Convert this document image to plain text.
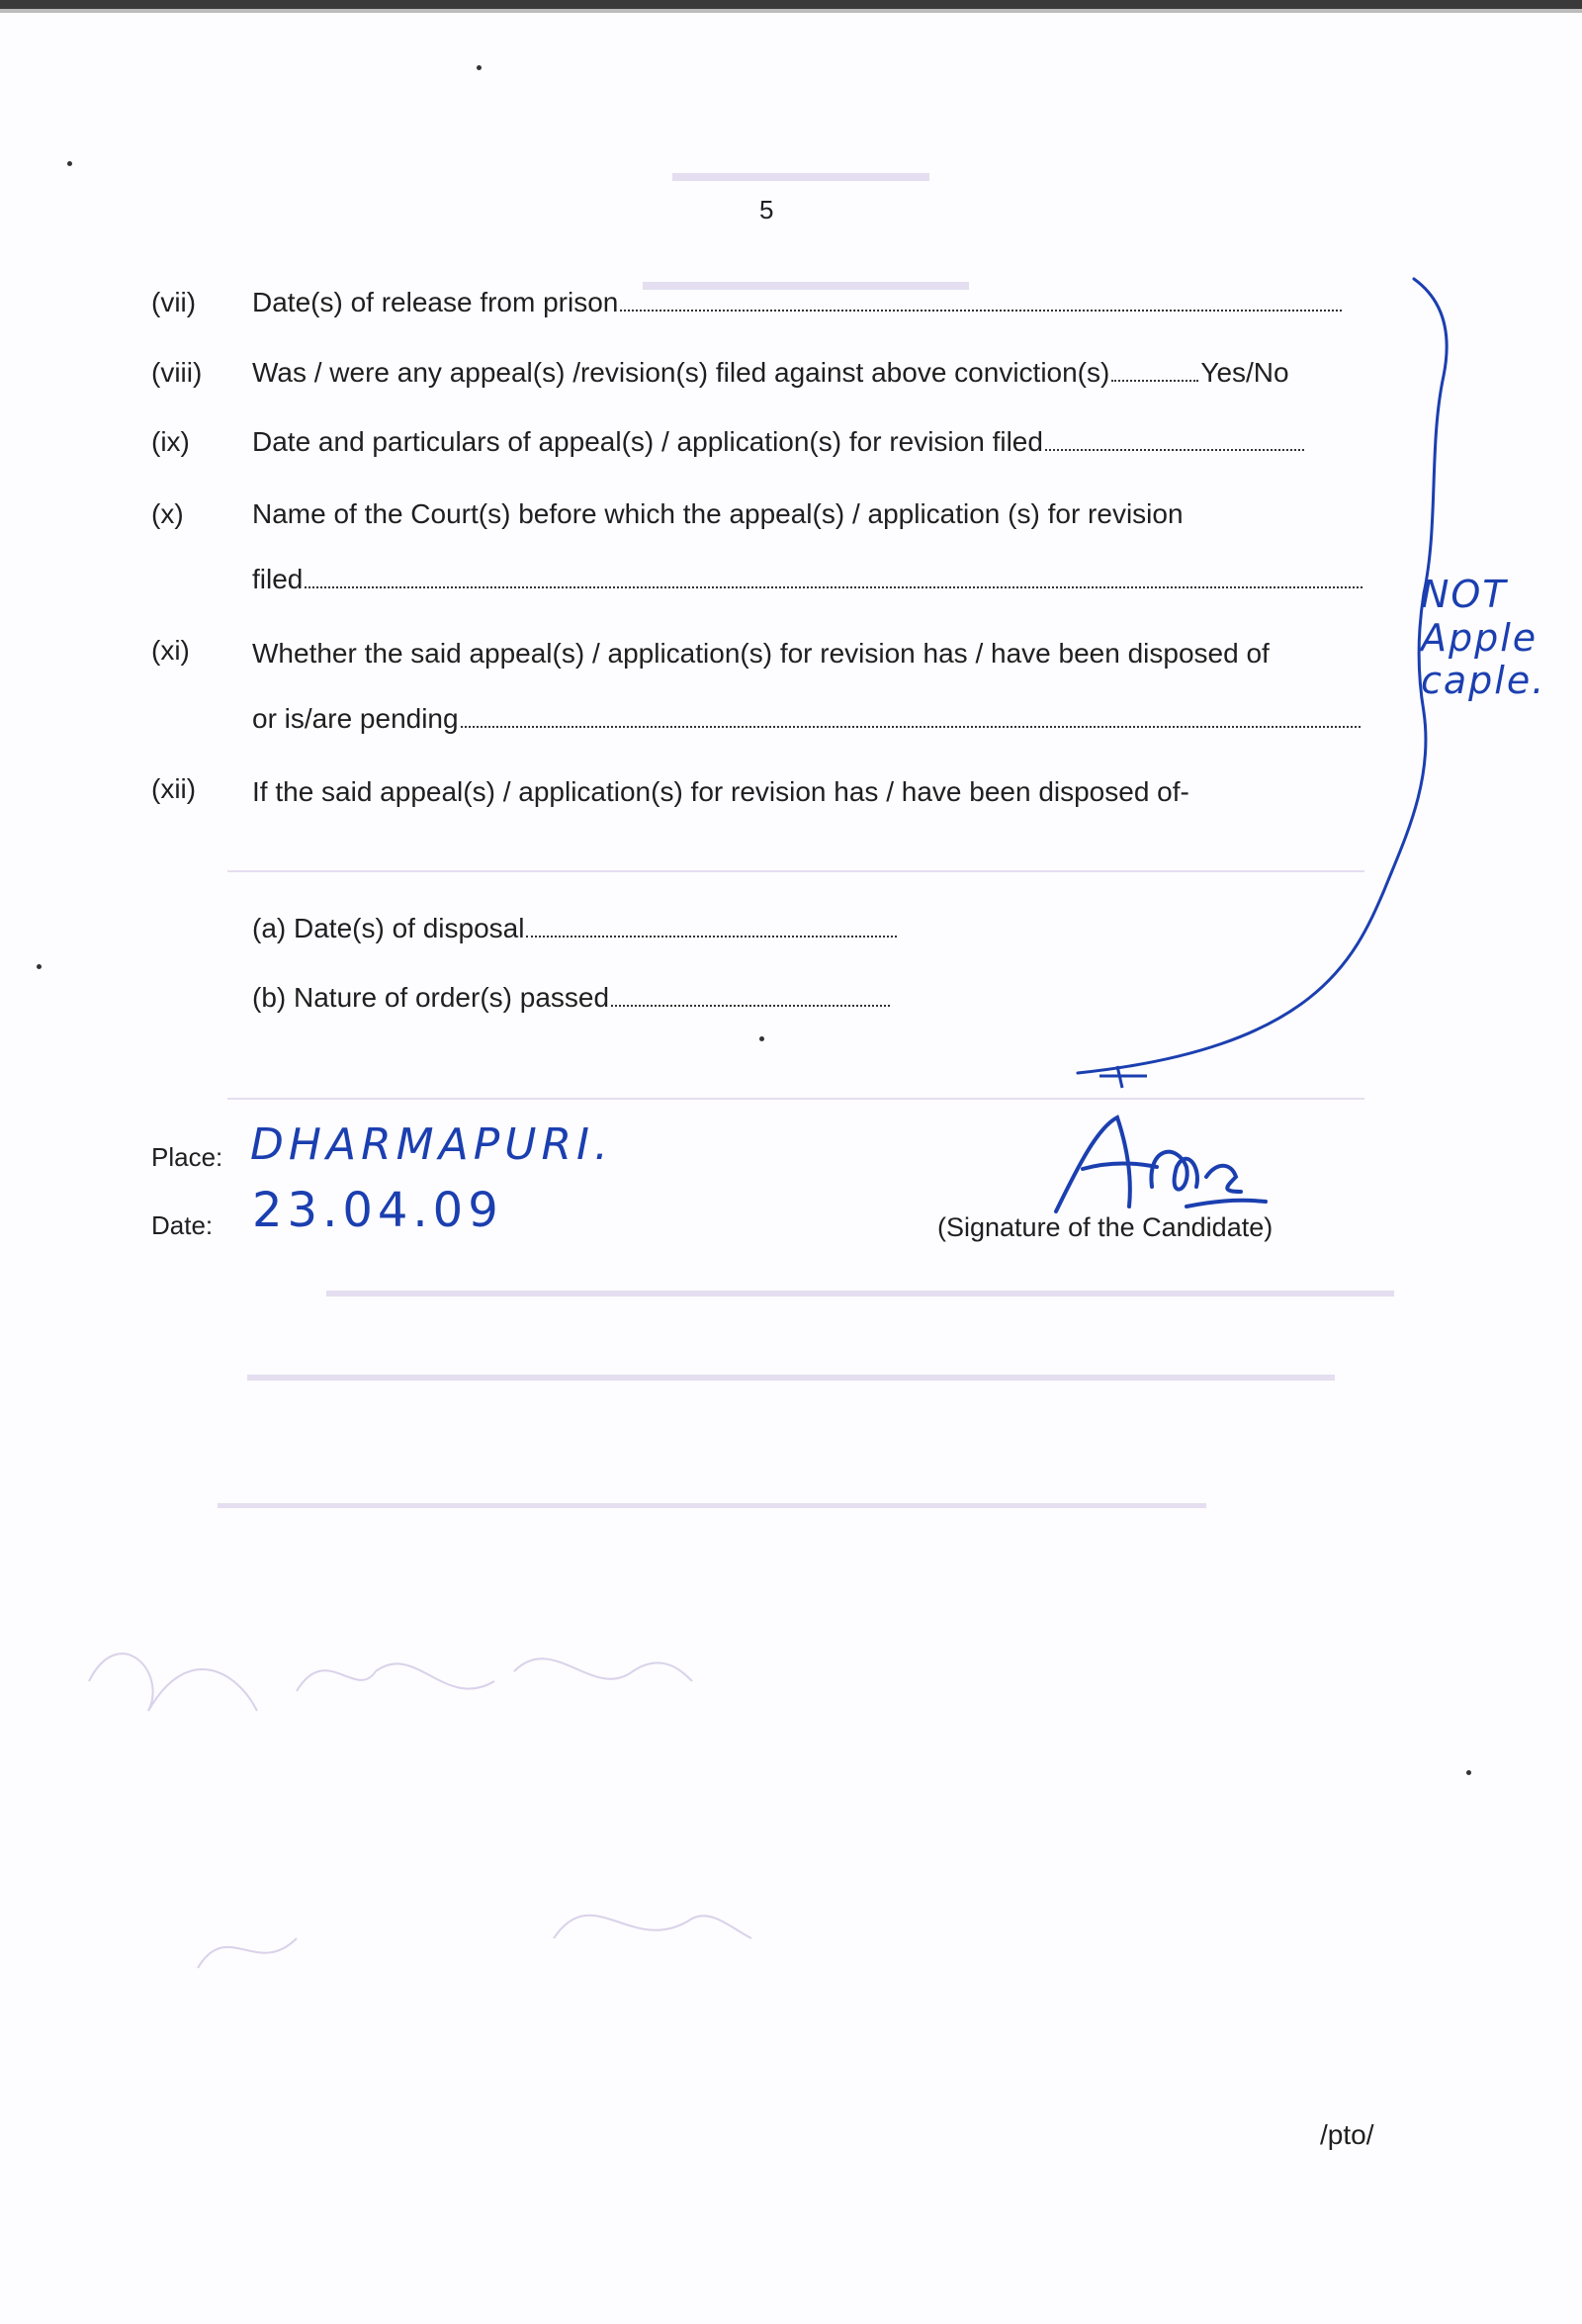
5
(vii) Date(s) of release from prison
(viii) Was / were any appeal(s) /revision(s) filed against above conviction(s)	Yes/No
(ix) Date and particulars of appeal(s) / application(s) for revision filed
(x) Name of the Court(s) before which the appeal(s) / application (s) for revision
filed
(xi) Whether the said appeal(s) / application(s) for revision has / have been disposed of
or is/are pending
(xii) If the said appeal(s) / application(s) for revision has / have been disposed of-
(a) Date(s) of disposal
(b) Nature of order(s) passed
Place: DHARMAPURI.
Date: 23.04.09	(Signature of the Candidate)
NOT
Apple
caple.
/pto/
